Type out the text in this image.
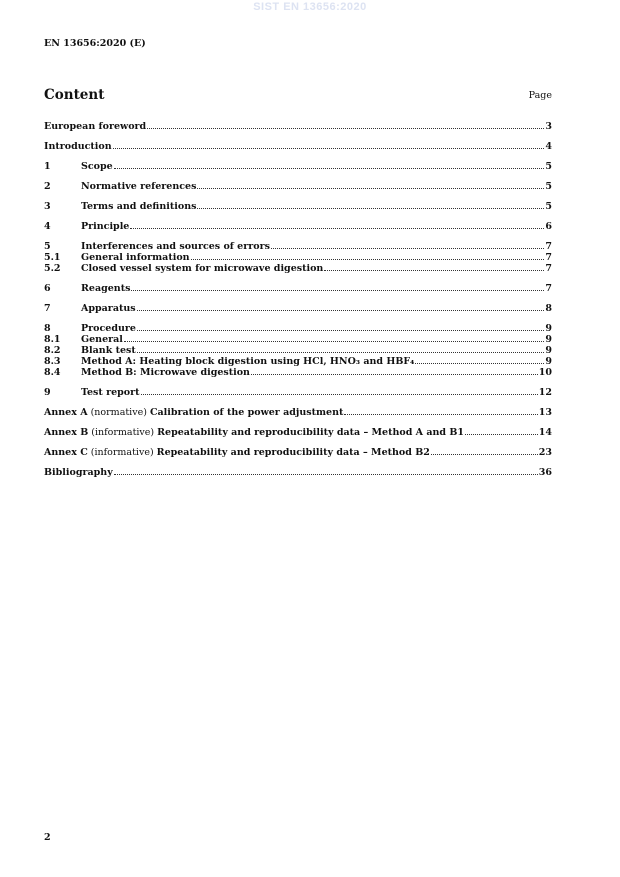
SIST EN 13656:2020
EN 13656:2020 (E)
Content	Page
European foreword	3
Introduction	4
1	Scope	5
2	Normative references	5
3	Terms and definitions	5
4	Principle	6
5	Interferences and sources of errors	7
5.1	General information	7
5.2	Closed vessel system for microwave digestion	7
6	Reagents	7
7	Apparatus	8
8	Procedure	9
8.1	General	9
8.2	Blank test	9
8.3	Method A: Heating block digestion using HCl, HNO₃ and HBF₄	9
8.4	Method B: Microwave digestion	10
9	Test report	12
Annex A (normative) Calibration of the power adjustment	13
Annex B (informative) Repeatability and reproducibility data – Method A and B1	14
Annex C (informative) Repeatability and reproducibility data – Method B2	23
Bibliography	36
2
